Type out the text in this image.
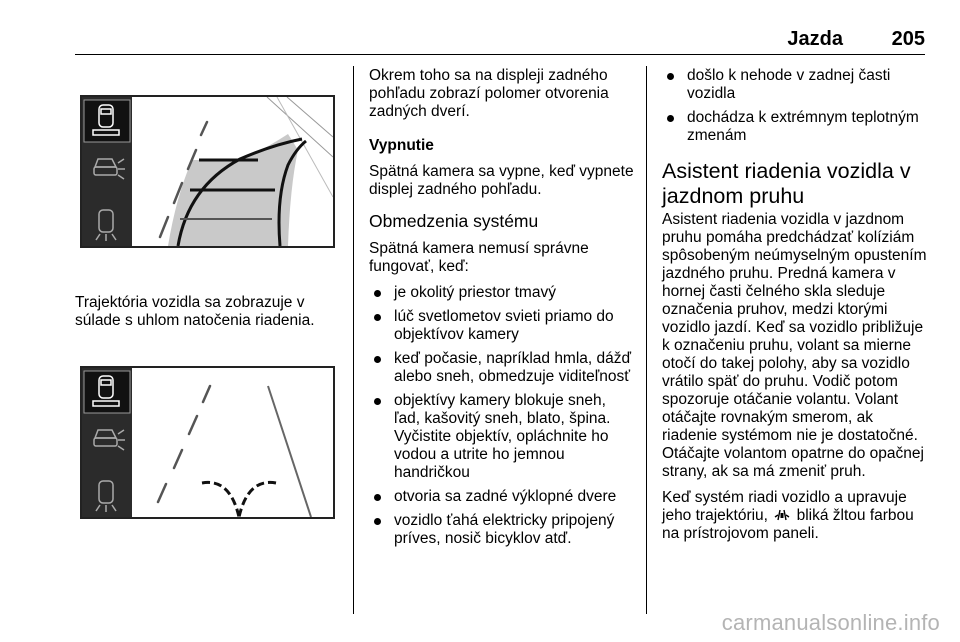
Jazda 205

Trajektória vozidla sa zobrazuje v súlade s uhlom natočenia riadenia.

Okrem toho sa na displeji zadného pohľadu zobrazí polomer otvorenia zadných dverí.

Vypnutie

Spätná kamera sa vypne, keď vypnete displej zadného pohľadu.

Obmedzenia systému

Spätná kamera nemusí správne fungovať, keď:

je okolitý priestor tmavý
lúč svetlometov svieti priamo do objektívov kamery
keď počasie, napríklad hmla, dážď alebo sneh, obmedzuje viditeľnosť
objektívy kamery blokuje sneh, ľad, kašovitý sneh, blato, špina. Vyčistite objektív, opláchnite ho vodou a utrite ho jemnou handričkou
otvoria sa zadné výklopné dvere
vozidlo ťahá elektricky pripojený príves, nosič bicyklov atď.
došlo k nehode v zadnej časti vozidla
dochádza k extrémnym teplotným zmenám
Asistent riadenia vozidla v jazdnom pruhu

Asistent riadenia vozidla v jazdnom pruhu pomáha predchádzať kolíziám spôsobeným neúmyselným opustením jazdného pruhu. Predná kamera v hornej časti čelného skla sleduje označenia pruhov, medzi ktorými vozidlo jazdí. Keď sa vozidlo približuje k označeniu pruhu, volant sa mierne otočí do takej polohy, aby sa vozidlo vrátilo späť do pruhu. Vodič potom spozoruje otáčanie volantu. Volant otáčajte rovnakým smerom, ak riadenie systémom nie je dostatočné. Otáčajte volantom opatrne do opačnej strany, ak sa má zmeniť pruh.

Keď systém riadi vozidlo a upravuje jeho trajektóriu, bliká žltou farbou na prístrojovom paneli.

carmanualsonline.info
